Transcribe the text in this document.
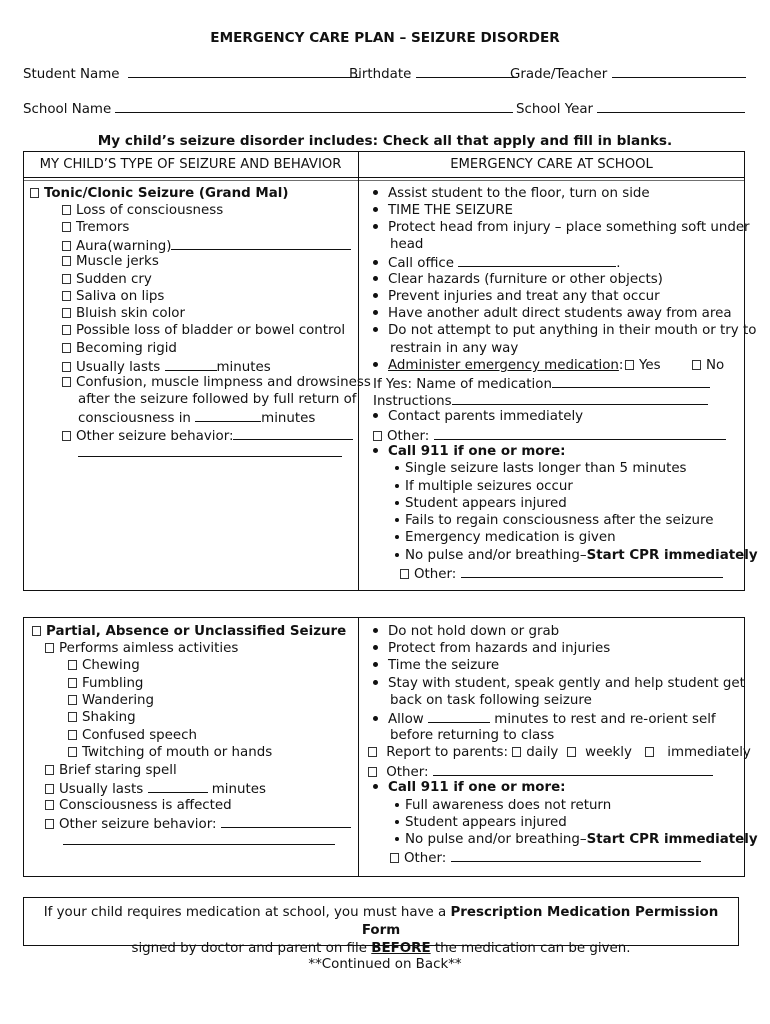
EMERGENCY CARE PLAN – SEIZURE DISORDER
Student Name	Birthdate	Grade/Teacher
School Name	School Year
My child’s seizure disorder includes: Check all that apply and fill in blanks.
MY CHILD’S TYPE OF SEIZURE AND BEHAVIOR	EMERGENCY CARE AT SCHOOL
Tonic/Clonic Seizure (Grand Mal)
Loss of consciousness
Tremors
Aura(warning)
Muscle jerks
Sudden cry
Saliva on lips
Bluish skin color
Possible loss of bladder or bowel control
Becoming rigid
Usually lasts	minutes
Confusion, muscle limpness and drowsiness
after the seizure followed by full return of
consciousness in	minutes
Other seizure behavior:
Assist student to the floor, turn on side
TIME THE SEIZURE
Protect head from injury – place something soft under
head
Call office	.
Clear hazards (furniture or other objects)
Prevent injuries and treat any that occur
Have another adult direct students away from area
Do not attempt to put anything in their mouth or try to
restrain in any way
Administer emergency medication:	Yes	No
If Yes: Name of medication
Instructions
Contact parents immediately
Other:
Call 911 if one or more:
Single seizure lasts longer than 5 minutes
If multiple seizures occur
Student appears injured
Fails to regain consciousness after the seizure
Emergency medication is given
No pulse and/or breathing–Start CPR immediately
Other:
Partial, Absence or Unclassified Seizure
Performs aimless activities
Chewing
Fumbling
Wandering
Shaking
Confused speech
Twitching of mouth or hands
Brief staring spell
Usually lasts	minutes
Consciousness is affected
Other seizure behavior:
Do not hold down or grab
Protect from hazards and injuries
Time the seizure
Stay with student, speak gently and help student get
back on task following seizure
Allow	minutes to rest and re-orient self
before returning to class
Report to parents: daily weekly	immediately
Other:
Call 911 if one or more:
Full awareness does not return
Student appears injured
No pulse and/or breathing–Start CPR immediately
Other:
If your child requires medication at school, you must have a Prescription Medication Permission Form
signed by doctor and parent on file BEFORE the medication can be given.
**Continued on Back**
